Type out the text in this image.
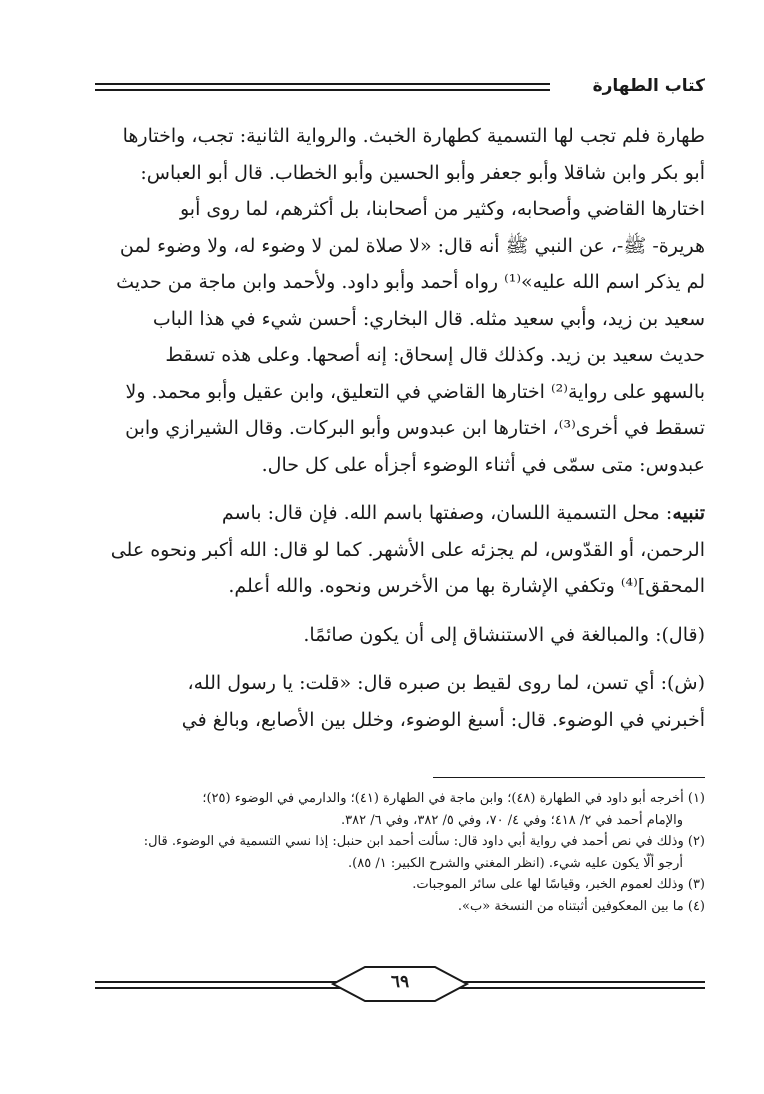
كتاب الطهارة
طهارة فلم تجب لها التسمية كطهارة الخبث. والرواية الثانية: تجب، واختارها
أبو بكر وابن شاقلا وأبو جعفر وأبو الحسين وأبو الخطاب. قال أبو العباس:
اختارها القاضي وأصحابه، وكثير من أصحابنا، بل أكثرهم، لما روى أبو
هريرة- ﷺ-، عن النبي ﷺ أنه قال: «لا صلاة لمن لا وضوء له، ولا وضوء لمن
لم يذكر اسم الله عليه»⁽¹⁾ رواه أحمد وأبو داود. ولأحمد وابن ماجة من حديث
سعيد بن زيد، وأبي سعيد مثله. قال البخاري: أحسن شيء في هذا الباب
حديث سعيد بن زيد. وكذلك قال إسحاق: إنه أصحها. وعلى هذه تسقط
بالسهو على رواية⁽²⁾ اختارها القاضي في التعليق، وابن عقيل وأبو محمد. ولا
تسقط في أخرى⁽³⁾، اختارها ابن عبدوس وأبو البركات. وقال الشيرازي وابن
عبدوس: متى سمّى في أثناء الوضوء أجزأه على كل حال.
تنبيه: محل التسمية اللسان، وصفتها باسم الله. فإن قال: باسم
الرحمن، أو القدّوس، لم يجزئه على الأشهر. كما لو قال: الله أكبر ونحوه على
المحقق]⁽⁴⁾ وتكفي الإشارة بها من الأخرس ونحوه. والله أعلم.
(قال): والمبالغة في الاستنشاق إلى أن يكون صائمًا.
(ش): أي تسن، لما روى لقيط بن صبره قال: «قلت: يا رسول الله،
أخبرني في الوضوء. قال: أسبغ الوضوء، وخلل بين الأصابع، وبالغ في
(١) أخرجه أبو داود في الطهارة (٤٨)؛ وابن ماجة في الطهارة (٤١)؛ والدارمي في الوضوء (٢٥)؛
والإمام أحمد في ٢/ ٤١٨؛ وفي ٤/ ٧٠، وفي ٥/ ٣٨٢، وفي ٦/ ٣٨٢.
(٢) وذلك في نص أحمد في رواية أبي داود قال: سألت أحمد ابن حنبل: إذا نسي التسمية في الوضوء. قال:
أرجو ألّا يكون عليه شيء. (انظر المغني والشرح الكبير: ١/ ٨٥).
(٣) وذلك لعموم الخبر، وقياسًا لها على سائر الموجبات.
(٤) ما بين المعكوفين أثبتناه من النسخة «ب».
٦٩
